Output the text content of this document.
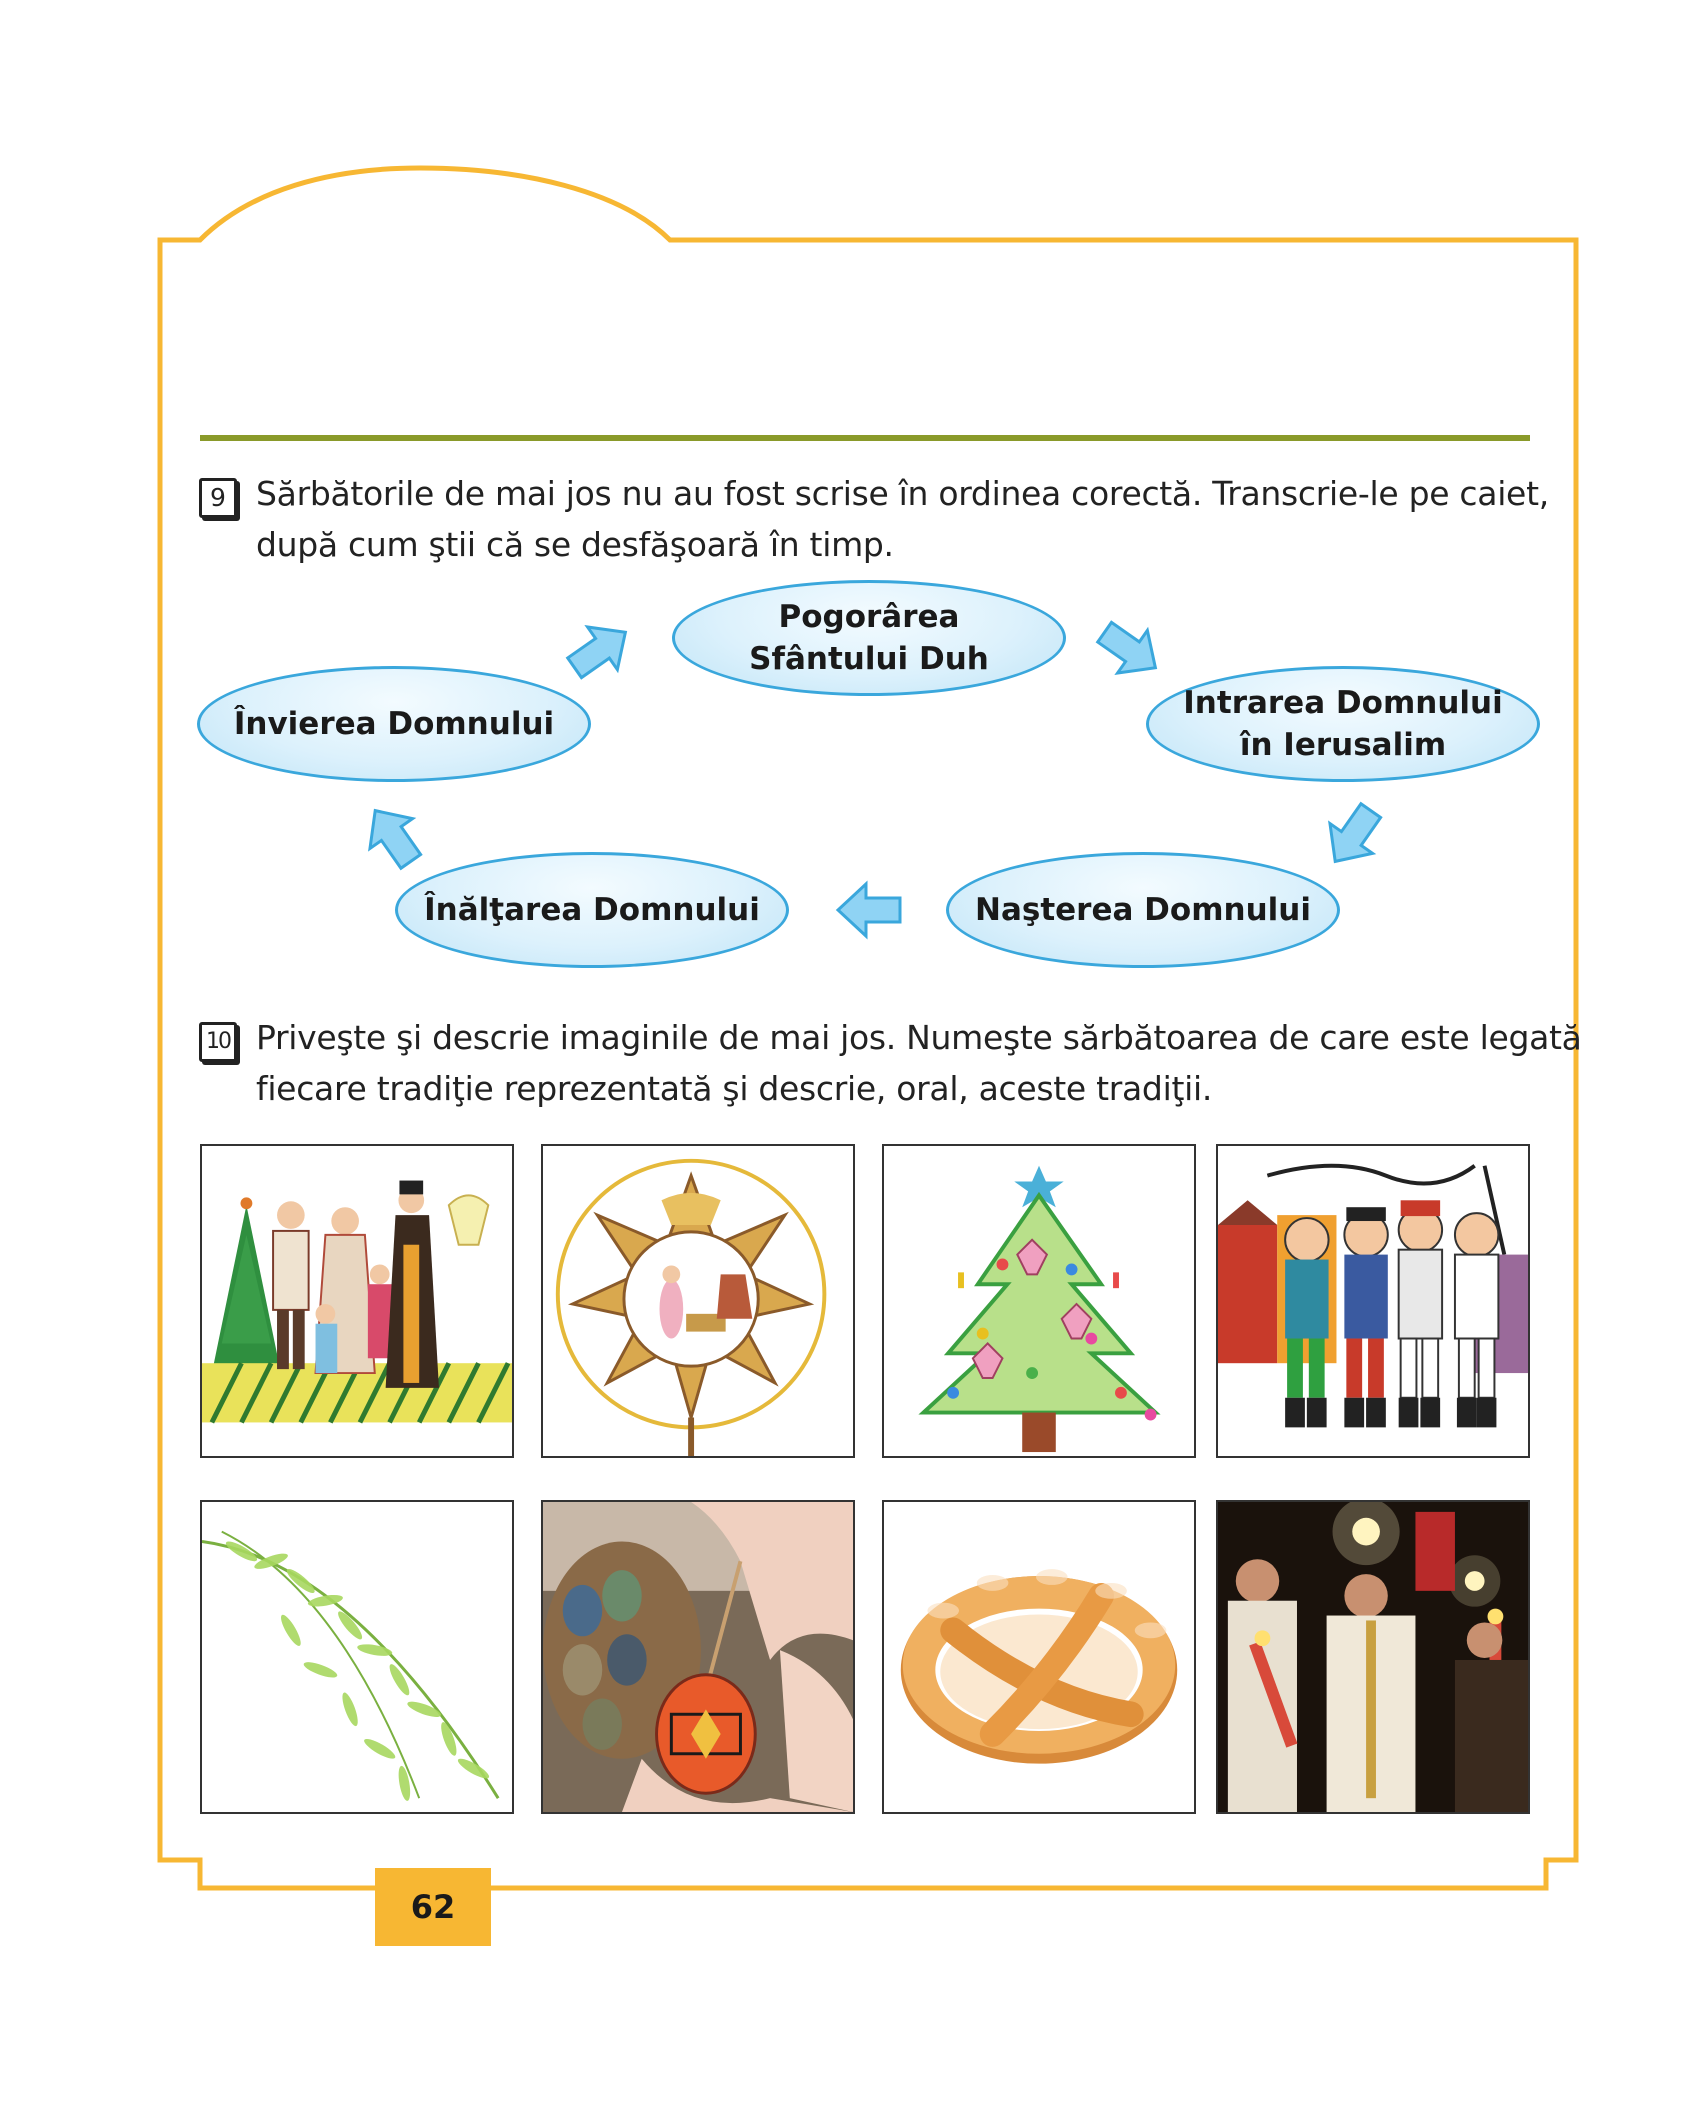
9 Sărbătorile de mai jos nu au fost scrise în ordinea corectă. Transcrie-le pe caiet,
după cum ştii că se desfăşoară în timp.
Pogorârea
Sfântului Duh
Învierea Domnului
Intrarea Domnului
în Ierusalim
Înălţarea Domnului	Naşterea Domnului
10 Priveşte şi descrie imaginile de mai jos. Numeşte sărbătoarea de care este legată
fiecare tradiţie reprezentată şi descrie, oral, aceste tradiţii.
62
